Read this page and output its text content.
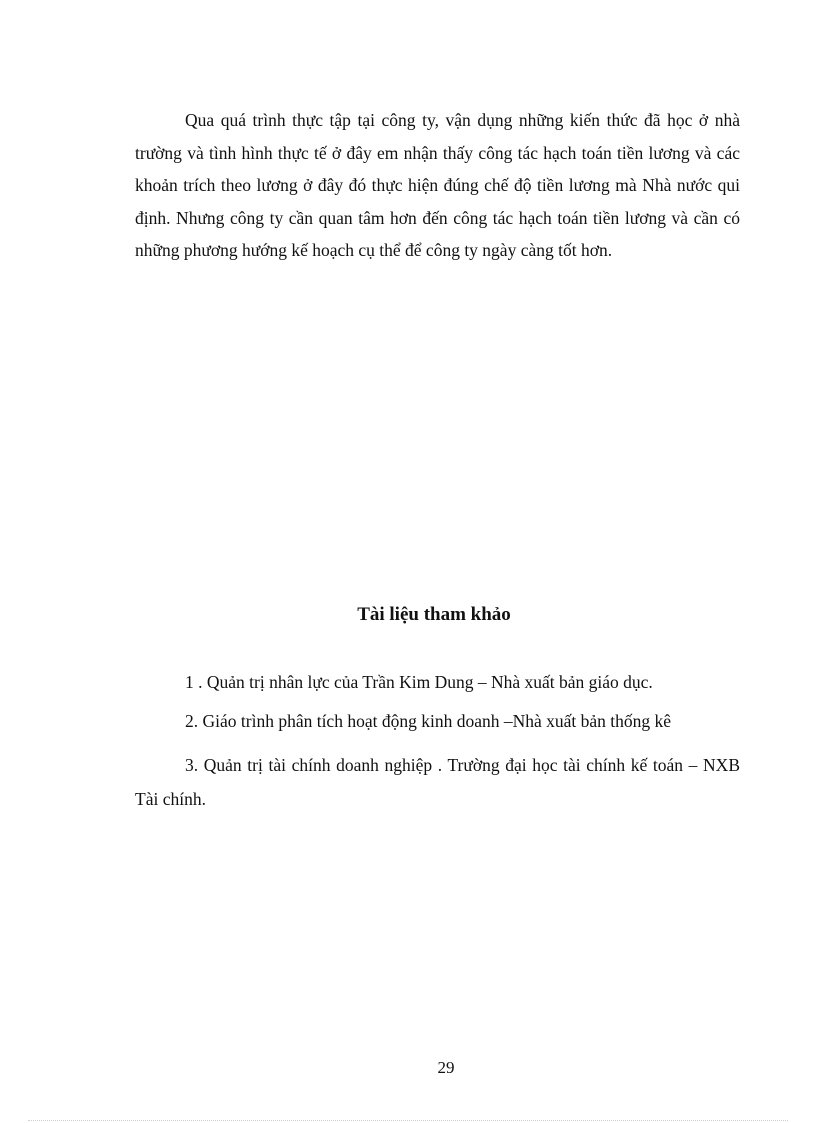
Qua quá trình thực tập tại công ty, vận dụng những kiến thức đã học ở nhà trường và tình hình thực tế ở đây em nhận thấy công tác hạch toán tiền lương và các khoản trích theo lương ở đây đó thực hiện đúng chế độ tiền lương mà Nhà nước qui định. Nhưng công ty cần quan tâm hơn đến công tác hạch toán tiền lương và cần có những phương hướng kế hoạch cụ thể để công ty ngày càng tốt hơn.

Tài liệu tham khảo

1 . Quản trị nhân lực của Trần Kim Dung – Nhà xuất bản giáo dục.

2. Giáo trình phân tích hoạt động kinh doanh –Nhà xuất bản thống kê

3. Quản trị tài chính doanh nghiệp . Trường đại học tài chính kế toán – NXB Tài chính.

29
